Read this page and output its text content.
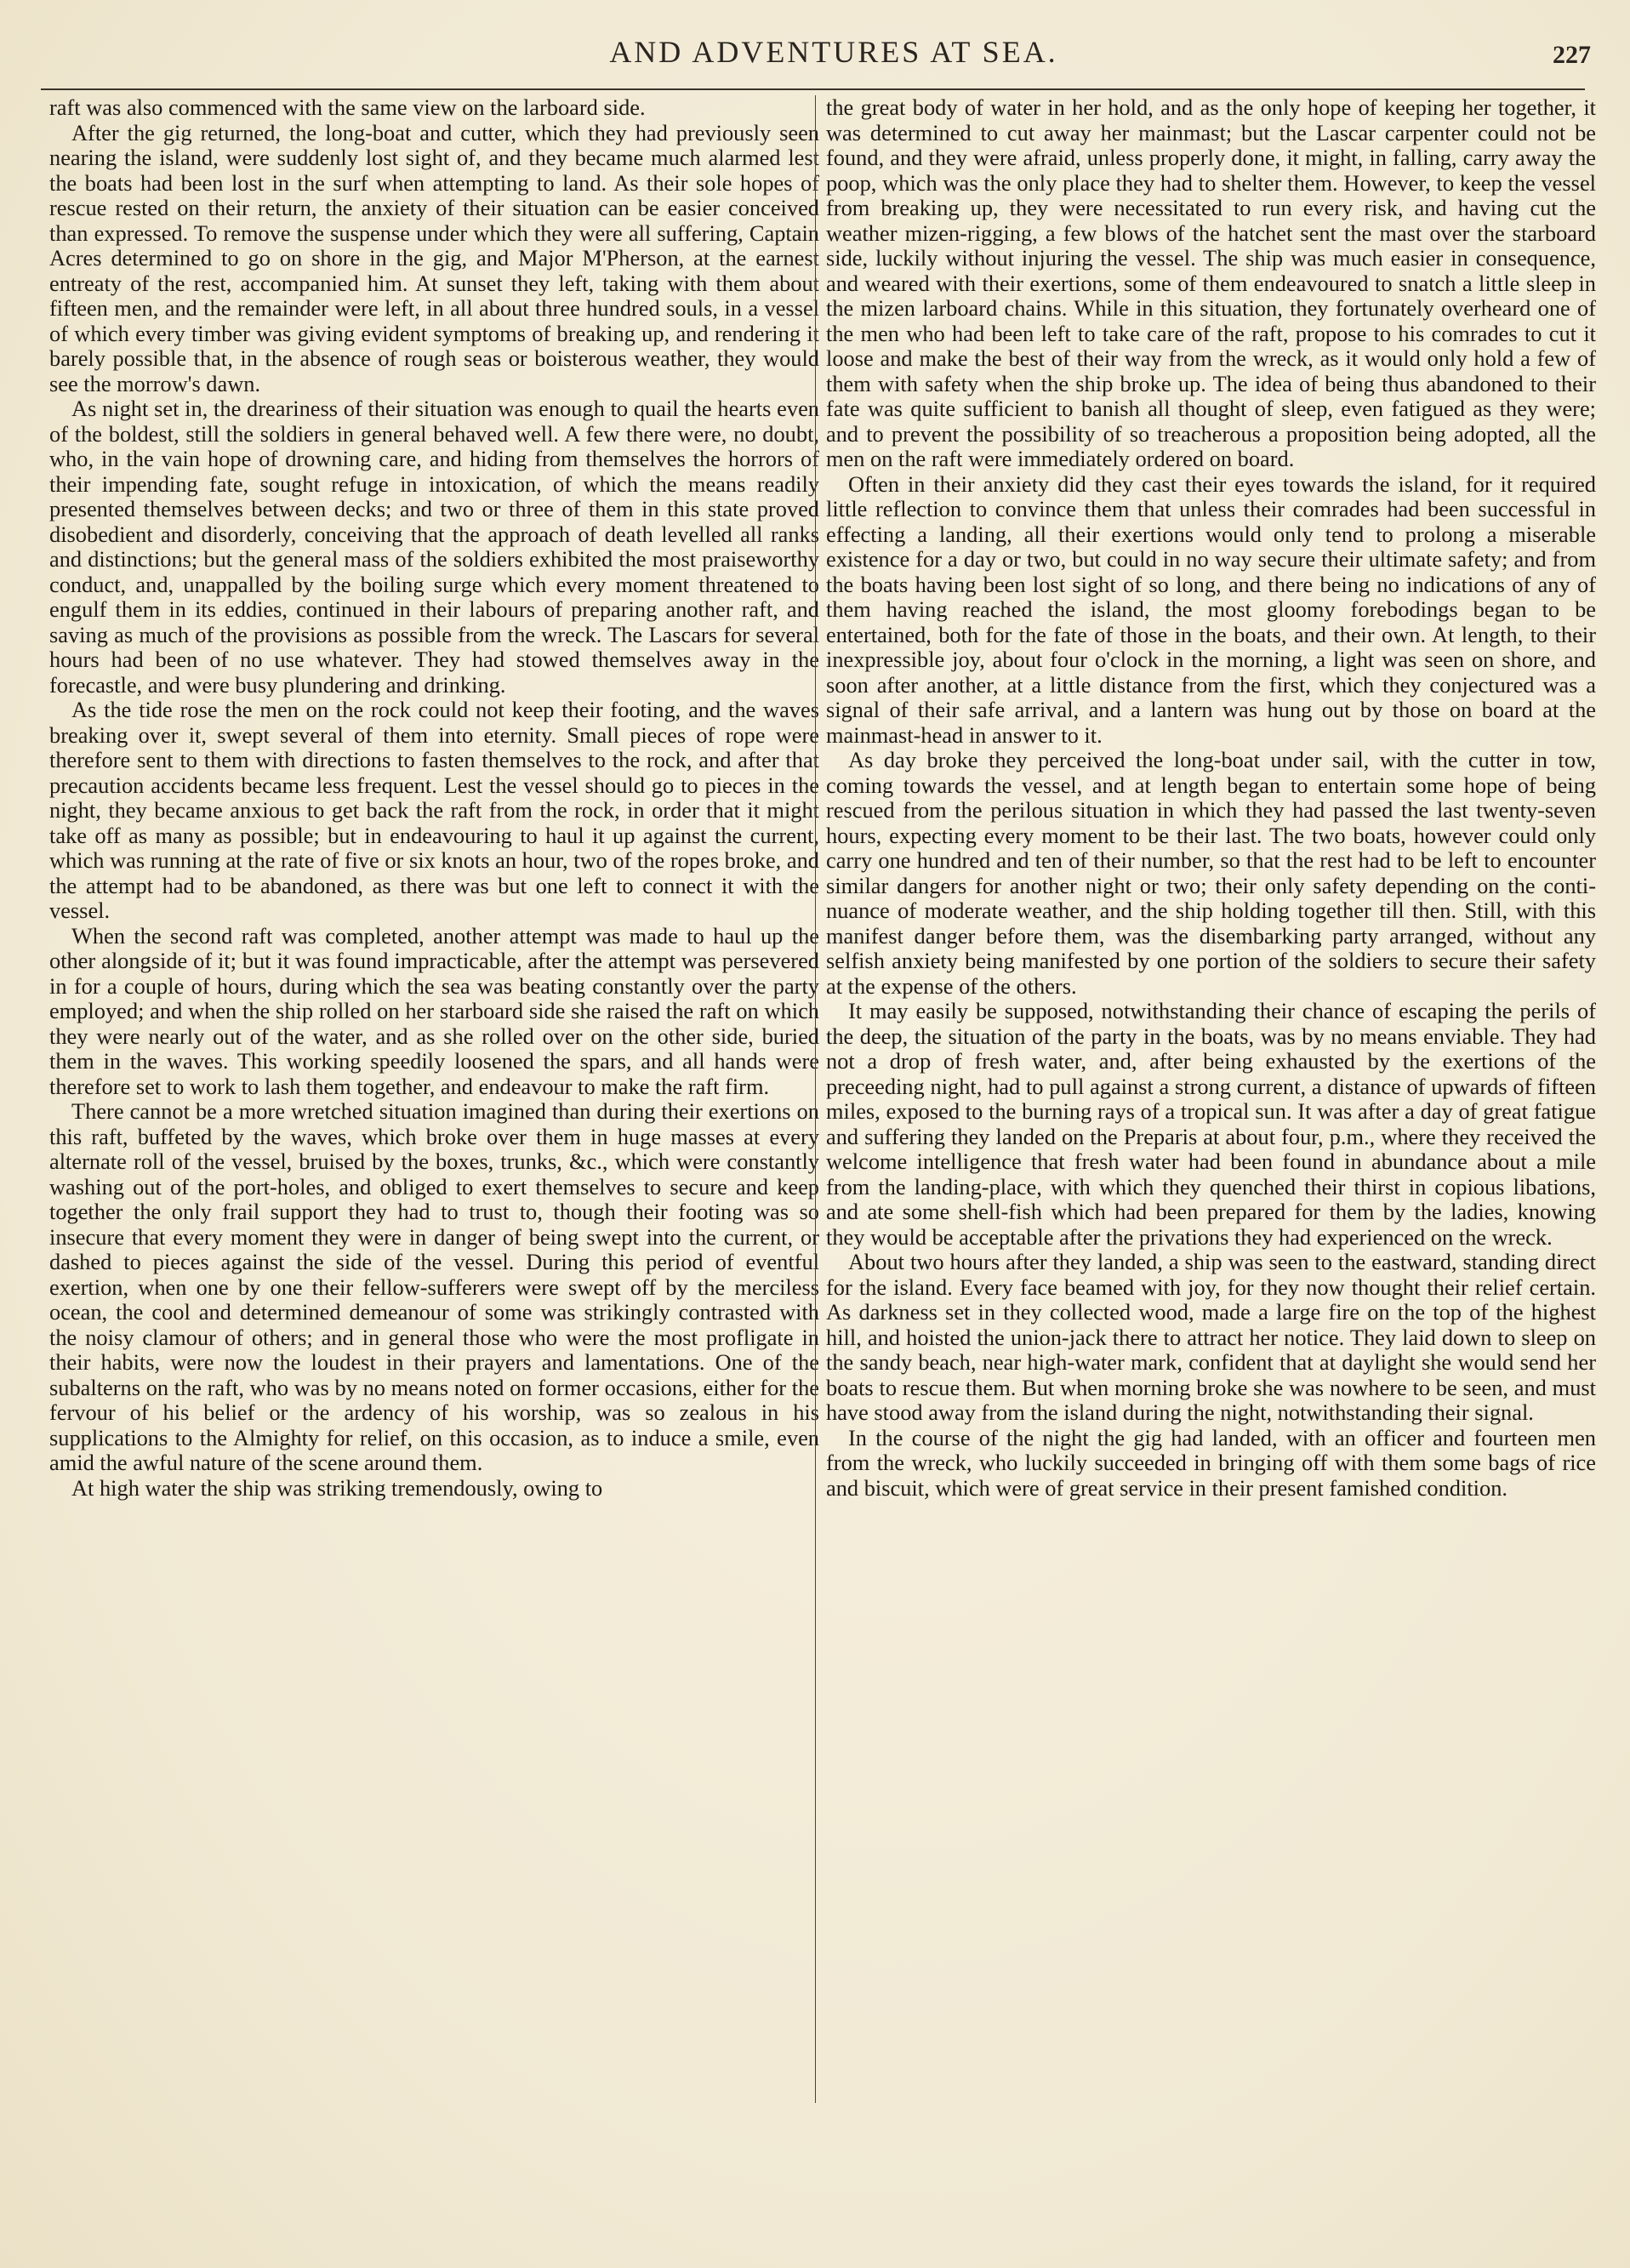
AND ADVENTURES AT SEA.	227

raft was also commenced with the same view on the larboard side.

After the gig returned, the long-boat and cutter, which they had previously seen nearing the island, were suddenly lost sight of, and they became much alarmed lest the boats had been lost in the surf when attempting to land. As their sole hopes of rescue rested on their return, the anxiety of their situation can be easier conceived than expressed. To remove the suspense under which they were all suffering, Captain Acres determined to go on shore in the gig, and Major M'Pherson, at the earnest entreaty of the rest, accompanied him. At sunset they left, taking with them about fifteen men, and the remainder were left, in all about three hundred souls, in a vessel of which every timber was giving evident symptoms of breaking up, and rendering it barely possible that, in the absence of rough seas or boisterous weather, they would see the morrow's dawn.

As night set in, the dreariness of their situation was enough to quail the hearts even of the boldest, still the soldiers in general behaved well. A few there were, no doubt, who, in the vain hope of drowning care, and hiding from themselves the horrors of their impending fate, sought refuge in intoxication, of which the means readily presented themselves between decks; and two or three of them in this state proved disobedient and disorderly, conceiving that the approach of death levelled all ranks and distinctions; but the general mass of the soldiers exhibited the most praiseworthy conduct, and, unappalled by the boiling surge which every moment threatened to engulf them in its eddies, continued in their labours of preparing another raft, and saving as much of the provisions as possible from the wreck. The Lascars for several hours had been of no use whatever. They had stowed themselves away in the forecastle, and were busy plundering and drinking.

As the tide rose the men on the rock could not keep their footing, and the waves breaking over it, swept several of them into eternity. Small pieces of rope were therefore sent to them with directions to fasten themselves to the rock, and after that precaution accidents became less frequent. Lest the vessel should go to pieces in the night, they became anxious to get back the raft from the rock, in order that it might take off as many as possible; but in endeavouring to haul it up against the current, which was running at the rate of five or six knots an hour, two of the ropes broke, and the attempt had to be abandoned, as there was but one left to connect it with the vessel.

When the second raft was completed, another attempt was made to haul up the other alongside of it; but it was found impracticable, after the attempt was persevered in for a couple of hours, during which the sea was beating constantly over the party employed; and when the ship rolled on her starboard side she raised the raft on which they were nearly out of the water, and as she rolled over on the other side, buried them in the waves. This working speedily loosened the spars, and all hands were therefore set to work to lash them together, and endeavour to make the raft firm.

There cannot be a more wretched situation imagined than during their exertions on this raft, buffeted by the waves, which broke over them in huge masses at every alternate roll of the vessel, bruised by the boxes, trunks, &c., which were constantly washing out of the port-holes, and obliged to exert themselves to secure and keep together the only frail support they had to trust to, though their footing was so insecure that every moment they were in danger of being swept into the current, or dashed to pieces against the side of the vessel. During this period of eventful exertion, when one by one their fellow-sufferers were swept off by the merciless ocean, the cool and determined demeanour of some was strikingly contrasted with the noisy clamour of others; and in general those who were the most profligate in their habits, were now the loudest in their prayers and lamentations. One of the subalterns on the raft, who was by no means noted on former occasions, either for the fervour of his belief or the ardency of his worship, was so zealous in his supplications to the Almighty for relief, on this occasion, as to induce a smile, even amid the awful nature of the scene around them.

At high water the ship was striking tremendously, owing to

the great body of water in her hold, and as the only hope of keeping her together, it was determined to cut away her mainmast; but the Lascar carpenter could not be found, and they were afraid, unless properly done, it might, in falling, carry away the poop, which was the only place they had to shelter them. However, to keep the vessel from breaking up, they were necessitated to run every risk, and having cut the weather mizen-rigging, a few blows of the hatchet sent the mast over the starboard side, luckily without injuring the vessel. The ship was much easier in consequence, and weared with their exertions, some of them endeavoured to snatch a little sleep in the mizen larboard chains. While in this situation, they fortunately overheard one of the men who had been left to take care of the raft, propose to his comrades to cut it loose and make the best of their way from the wreck, as it would only hold a few of them with safety when the ship broke up. The idea of being thus abandoned to their fate was quite sufficient to banish all thought of sleep, even fatigued as they were; and to prevent the possibility of so treacherous a proposition being adopted, all the men on the raft were immediately ordered on board.

Often in their anxiety did they cast their eyes towards the island, for it required little reflection to convince them that unless their comrades had been successful in effecting a landing, all their exertions would only tend to prolong a miserable existence for a day or two, but could in no way secure their ultimate safety; and from the boats having been lost sight of so long, and there being no indications of any of them having reached the island, the most gloomy forebodings began to be entertained, both for the fate of those in the boats, and their own. At length, to their inexpressible joy, about four o'clock in the morning, a light was seen on shore, and soon after another, at a little distance from the first, which they conjectured was a signal of their safe arrival, and a lantern was hung out by those on board at the mainmast-head in answer to it.

As day broke they perceived the long-boat under sail, with the cutter in tow, coming towards the vessel, and at length began to entertain some hope of being rescued from the perilous situation in which they had passed the last twenty-seven hours, expecting every moment to be their last. The two boats, however could only carry one hundred and ten of their number, so that the rest had to be left to encounter similar dangers for another night or two; their only safety depending on the continuance of moderate weather, and the ship holding together till then. Still, with this manifest danger before them, was the disembarking party arranged, without any selfish anxiety being manifested by one portion of the soldiers to secure their safety at the expense of the others.

It may easily be supposed, notwithstanding their chance of escaping the perils of the deep, the situation of the party in the boats, was by no means enviable. They had not a drop of fresh water, and, after being exhausted by the exertions of the preceeding night, had to pull against a strong current, a distance of upwards of fifteen miles, exposed to the burning rays of a tropical sun. It was after a day of great fatigue and suffering they landed on the Preparis at about four, p.m., where they received the welcome intelligence that fresh water had been found in abundance about a mile from the landing-place, with which they quenched their thirst in copious libations, and ate some shell-fish which had been prepared for them by the ladies, knowing they would be acceptable after the privations they had experienced on the wreck.

About two hours after they landed, a ship was seen to the eastward, standing direct for the island. Every face beamed with joy, for they now thought their relief certain. As darkness set in they collected wood, made a large fire on the top of the highest hill, and hoisted the union-jack there to attract her notice. They laid down to sleep on the sandy beach, near high-water mark, confident that at daylight she would send her boats to rescue them. But when morning broke she was nowhere to be seen, and must have stood away from the island during the night, notwithstanding their signal.

In the course of the night the gig had landed, with an officer and fourteen men from the wreck, who luckily succeeded in bringing off with them some bags of rice and biscuit, which were of great service in their present famished condition.
